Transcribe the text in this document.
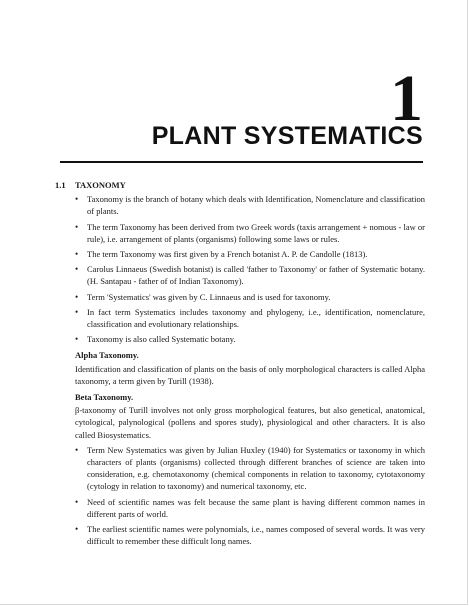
1
PLANT SYSTEMATICS
1.1 TAXONOMY
• Taxonomy is the branch of botany which deals with Identification, Nomenclature and classification of plants.
• The term Taxonomy has been derived from two Greek words (taxis arrangement + nomous - law or rule), i.e. arrangement of plants (organisms) following some laws or rules.
• The term Taxonomy was first given by a French botanist A. P. de Candolle (1813).
• Carolus Linnaeus (Swedish botanist) is called 'father to Taxonomy' or father of Systematic botany. (H. Santapau - father of of Indian Taxonomy).
• Term 'Systematics' was given by C. Linnaeus and is used for taxonomy.
• In fact term Systematics includes taxonomy and phylogeny, i.e., identification, nomenclature, classification and evolutionary relationships.
• Taxonomy is also called Systematic botany.
Alpha Taxonomy.
Identification and classification of plants on the basis of only morphological characters is called Alpha taxonomy, a term given by Turill (1938).
Beta Taxonomy.
β-taxonomy of Turill involves not only gross morphological features, but also genetical, anatomical, cytological, palynological (pollens and spores study), physiological and other characters. It is also called Biosystematics.
• Term New Systematics was given by Julian Huxley (1940) for Systematics or taxonomy in which characters of plants (organisms) collected through different branches of science are taken into consideration, e.g. chemotaxonomy (chemical components in relation to taxonomy, cytotaxonomy (cytology in relation to taxonomy) and numerical taxonomy, etc.
• Need of scientific names was felt because the same plant is having different common names in different parts of world.
• The earliest scientific names were polynomials, i.e., names composed of several words. It was very difficult to remember these difficult long names.
